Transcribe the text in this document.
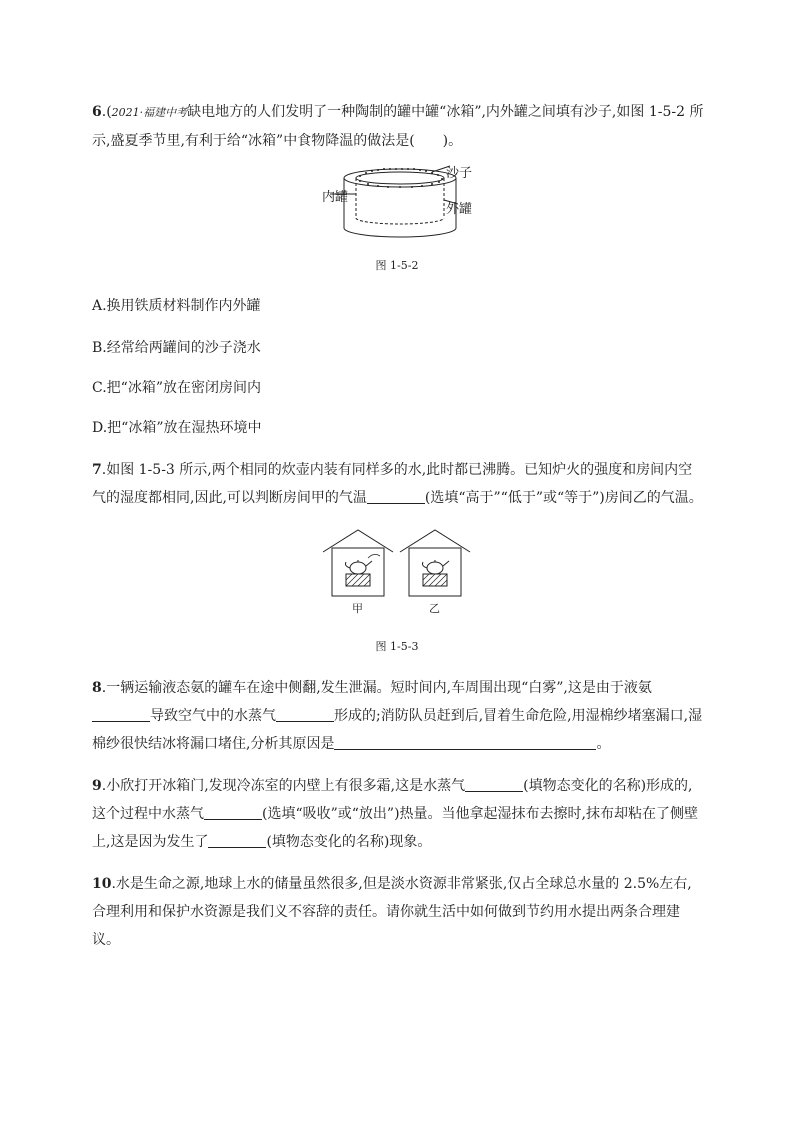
6.(2021·福建中考缺电地方的人们发明了一种陶制的罐中罐“冰箱”,内外罐之间填有沙子,如图 1-5-2 所示,盛夏季节里,有利于给“冰箱”中食物降温的做法是(　　)。
沙子
内罐
外罐
图 1-5-2
A.换用铁质材料制作内外罐
B.经常给两罐间的沙子浇水
C.把“冰箱”放在密闭房间内
D.把“冰箱”放在湿热环境中
7.如图 1-5-3 所示,两个相同的炊壶内装有同样多的水,此时都已沸腾。已知炉火的强度和房间内空气的湿度都相同,因此,可以判断房间甲的气温	(选填“高于”“低于”或“等于”)房间乙的气温。
甲	乙
图 1-5-3
8.一辆运输液态氨的罐车在途中侧翻,发生泄漏。短时间内,车周围出现“白雾”,这是由于液氨导致空气中的水蒸气	形成的;消防队员赶到后,冒着生命危险,用湿棉纱堵塞漏口,湿棉纱很快结冰将漏口堵住,分析其原因是	。
9.小欣打开冰箱门,发现冷冻室的内壁上有很多霜,这是水蒸气	(填物态变化的名称)形成的,这个过程中水蒸气	(选填“吸收”或“放出”)热量。当他拿起湿抹布去擦时,抹布却粘在了侧壁上,这是因为发生了	(填物态变化的名称)现象。
10.水是生命之源,地球上水的储量虽然很多,但是淡水资源非常紧张,仅占全球总水量的 2.5%左右,合理利用和保护水资源是我们义不容辞的责任。请你就生活中如何做到节约用水提出两条合理建议。
